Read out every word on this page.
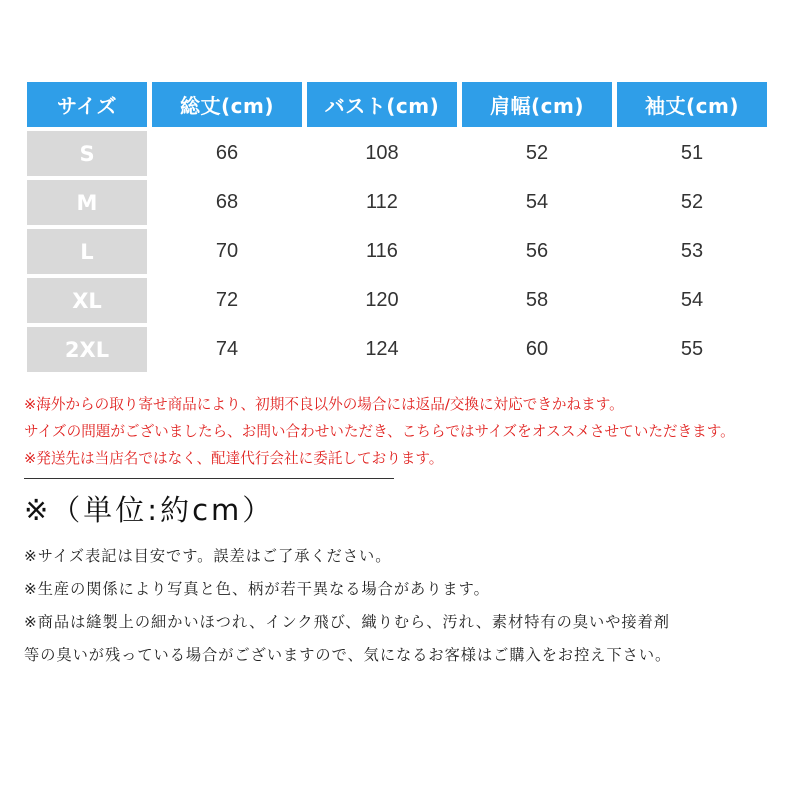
サイズ	総丈(cm)	バスト(cm)	肩幅(cm)	袖丈(cm)
S	66	108	52	51
M	68	112	54	52
L	70	116	56	53
XL	72	120	58	54
2XL	74	124	60	55
※海外からの取り寄せ商品により、初期不良以外の場合には返品/交換に対応できかねます。
サイズの問題がございましたら、お問い合わせいただき、こちらではサイズをオススメさせていただきます。
※発送先は当店名ではなく、配達代行会社に委託しております。
※（単位:約cm）
※サイズ表記は目安です。誤差はご了承ください。
※生産の関係により写真と色、柄が若干異なる場合があります。
※商品は縫製上の細かいほつれ、インク飛び、織りむら、汚れ、素材特有の臭いや接着剤
等の臭いが残っている場合がございますので、気になるお客様はご購入をお控え下さい。
